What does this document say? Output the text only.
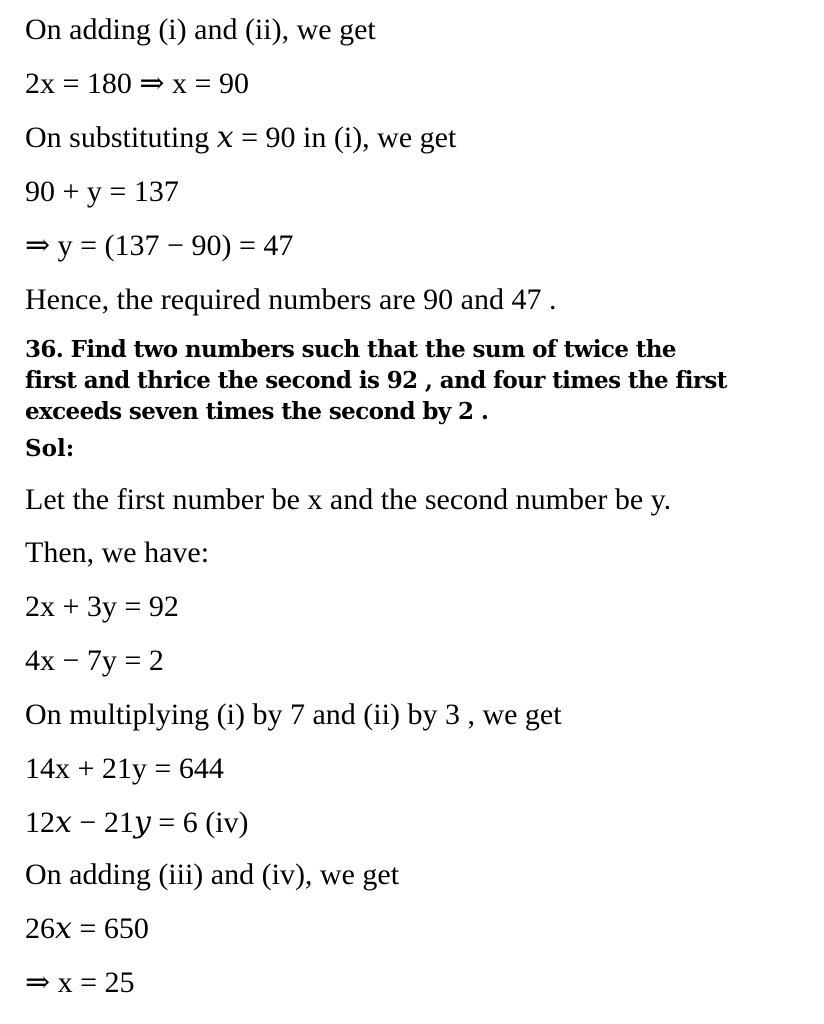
On adding (i) and (ii), we get
2x = 180 ⇒ x = 90
On substituting 𝑥 = 90 in (i), we get
90 + y = 137
⇒ y = (137 − 90) = 47
Hence, the required numbers are 90 and 47 .
36. Find two numbers such that the sum of twice the
first and thrice the second is 92 , and four times the first
exceeds seven times the second by 2 .
Sol:
Let the first number be x and the second number be y.
Then, we have:
2x + 3y = 92
4x − 7y = 2
On multiplying (i) by 7 and (ii) by 3 , we get
14x + 21y = 644
12𝑥 − 21𝑦 = 6 (iv)
On adding (iii) and (iv), we get
26𝑥 = 650
⇒ x = 25
